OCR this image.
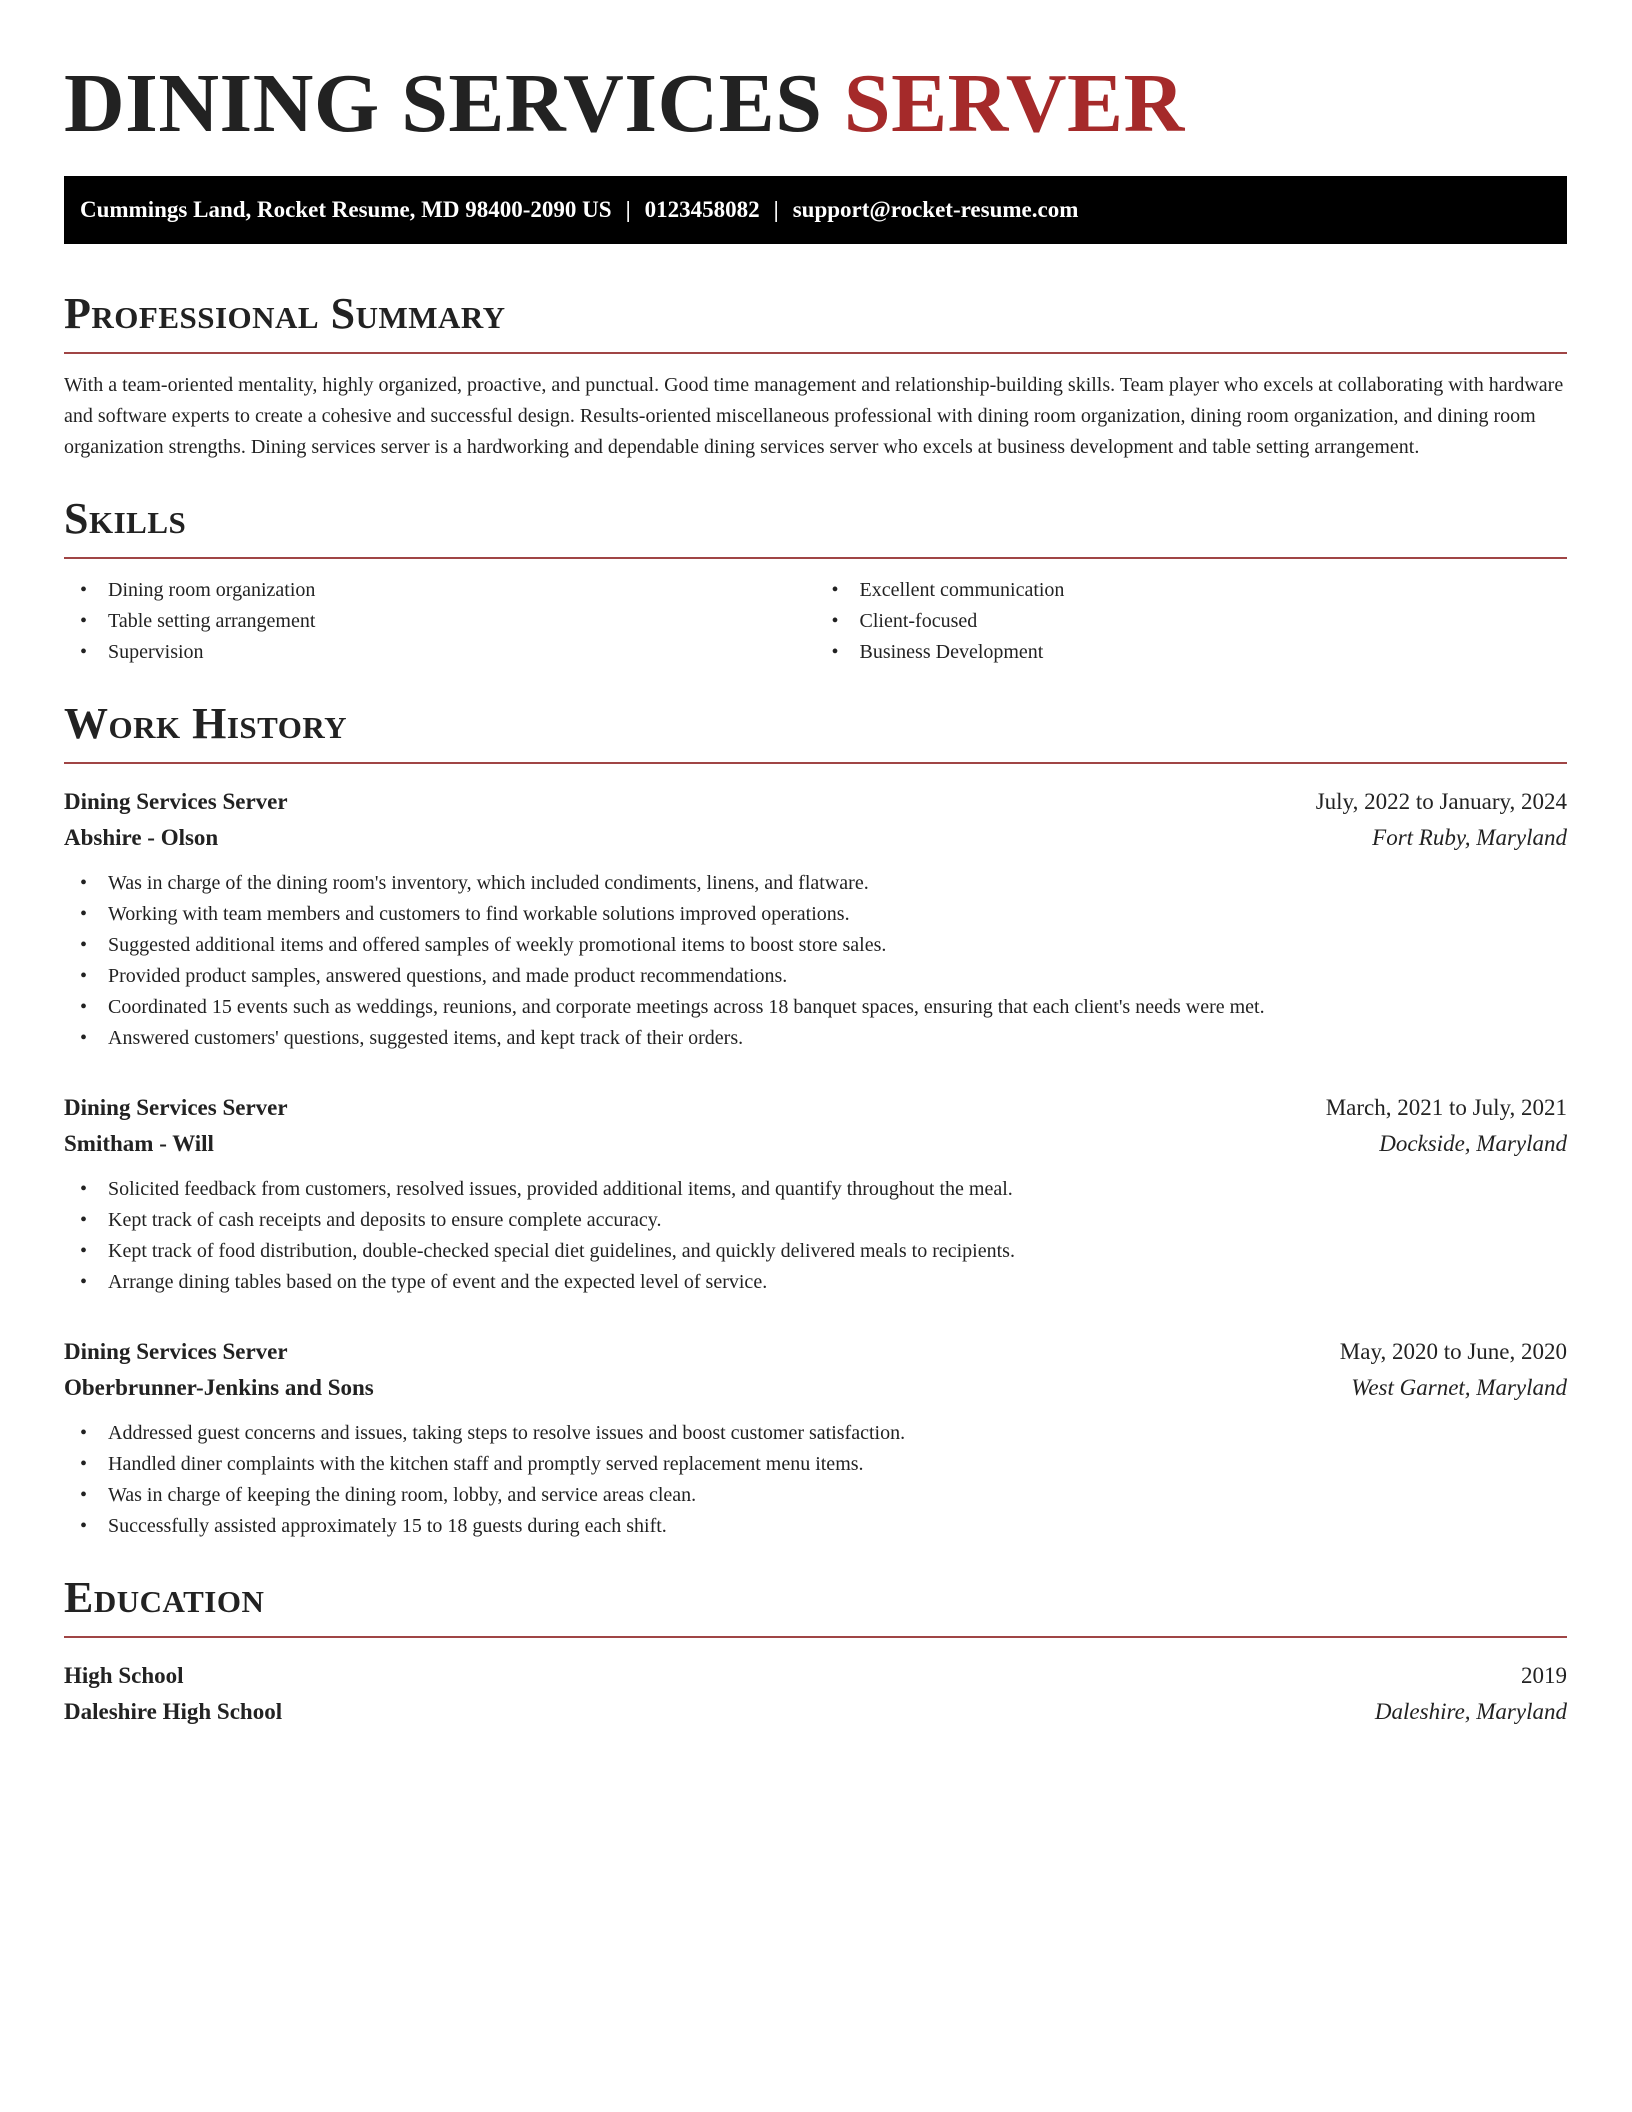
DINING SERVICES SERVER
Cummings Land, Rocket Resume, MD 98400-2090 US | 0123458082 | support@rocket-resume.com
Professional Summary

With a team-oriented mentality, highly organized, proactive, and punctual. Good time management and relationship-building skills. Team player who excels at collaborating with hardware and software experts to create a cohesive and successful design. Results-oriented miscellaneous professional with dining room organization, dining room organization, and dining room organization strengths. Dining services server is a hardworking and dependable dining services server who excels at business development and table setting arrangement.

Skills
• Dining room organization
• Table setting arrangement
• Supervision
• Excellent communication
• Client-focused
• Business Development
Work History
Dining Services Server	July, 2022 to January, 2024
Abshire - Olson	Fort Ruby, Maryland
• Was in charge of the dining room's inventory, which included condiments, linens, and flatware.
• Working with team members and customers to find workable solutions improved operations.
• Suggested additional items and offered samples of weekly promotional items to boost store sales.
• Provided product samples, answered questions, and made product recommendations.
• Coordinated 15 events such as weddings, reunions, and corporate meetings across 18 banquet spaces, ensuring that each client's needs were met.
• Answered customers' questions, suggested items, and kept track of their orders.
Dining Services Server	March, 2021 to July, 2021
Smitham - Will	Dockside, Maryland
• Solicited feedback from customers, resolved issues, provided additional items, and quantify throughout the meal.
• Kept track of cash receipts and deposits to ensure complete accuracy.
• Kept track of food distribution, double-checked special diet guidelines, and quickly delivered meals to recipients.
• Arrange dining tables based on the type of event and the expected level of service.
Dining Services Server	May, 2020 to June, 2020
Oberbrunner-Jenkins and Sons	West Garnet, Maryland
• Addressed guest concerns and issues, taking steps to resolve issues and boost customer satisfaction.
• Handled diner complaints with the kitchen staff and promptly served replacement menu items.
• Was in charge of keeping the dining room, lobby, and service areas clean.
• Successfully assisted approximately 15 to 18 guests during each shift.
Education
High School	2019
Daleshire High School	Daleshire, Maryland
